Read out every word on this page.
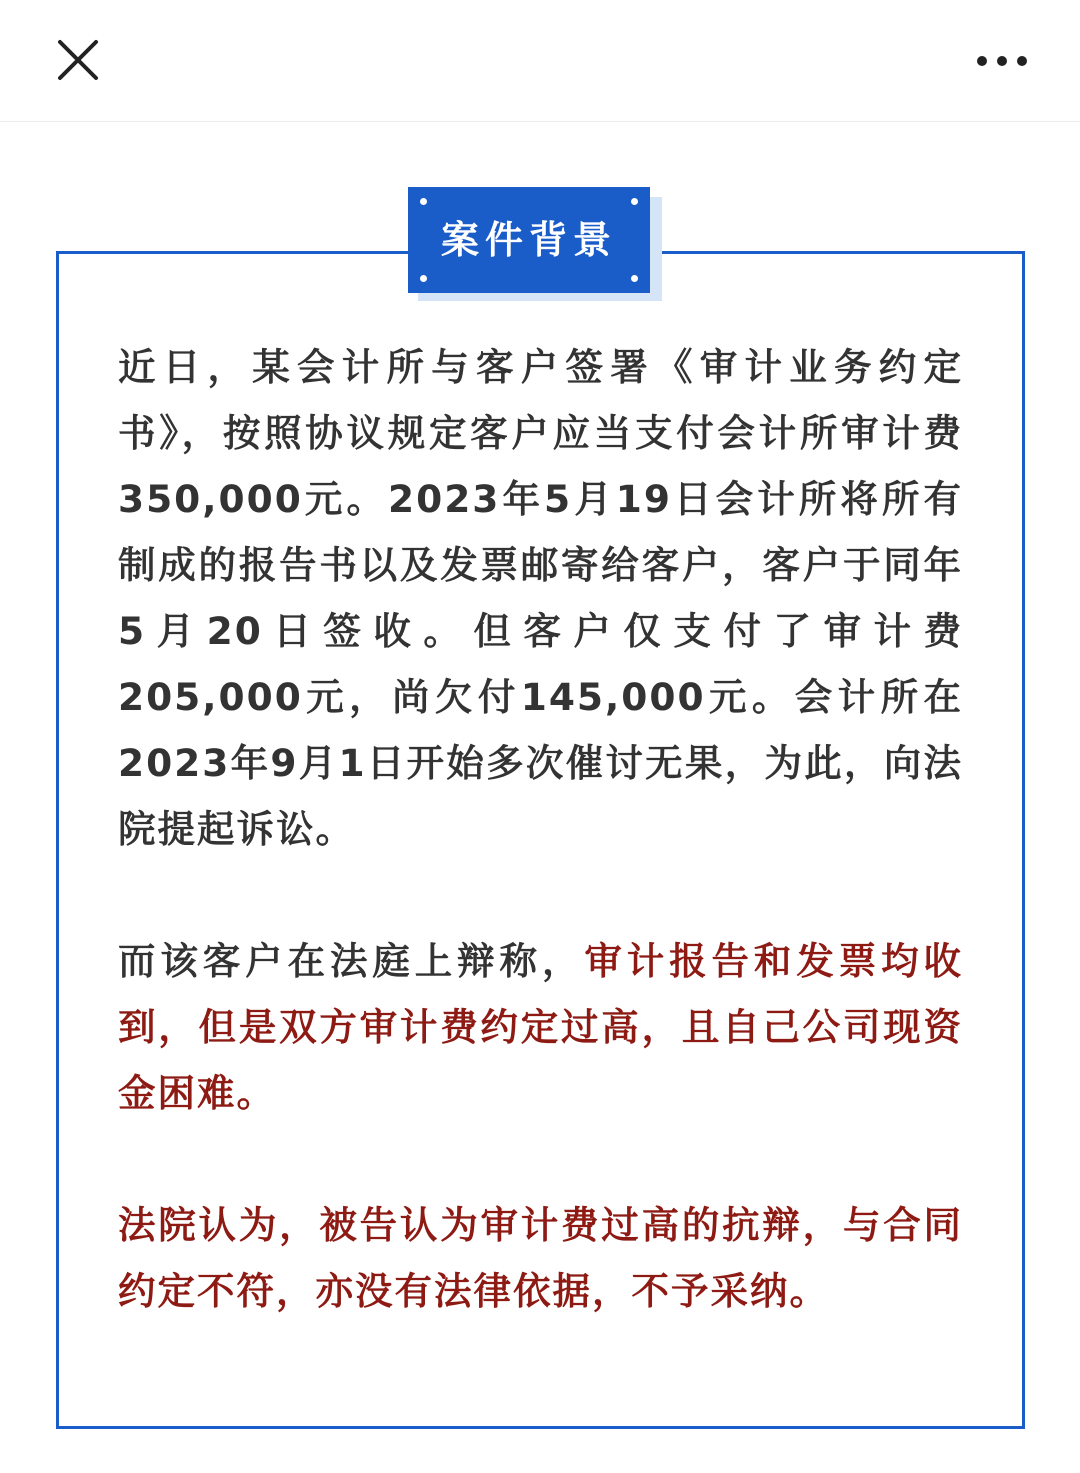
案件背景

近日，某会计所与客户签署《审计业务约定书》，按照协议规定客户应当支付会计所审计费350,000元。2023年5月19日会计所将所有制成的报告书以及发票邮寄给客户，客户于同年5月20日签收。但客户仅支付了审计费205,000元，尚欠付145,000元。会计所在2023年9月1日开始多次催讨无果，为此，向法院提起诉讼。

而该客户在法庭上辩称，审计报告和发票均收到，但是双方审计费约定过高，且自己公司现资金困难。

法院认为，被告认为审计费过高的抗辩，与合同约定不符，亦没有法律依据，不予采纳。
